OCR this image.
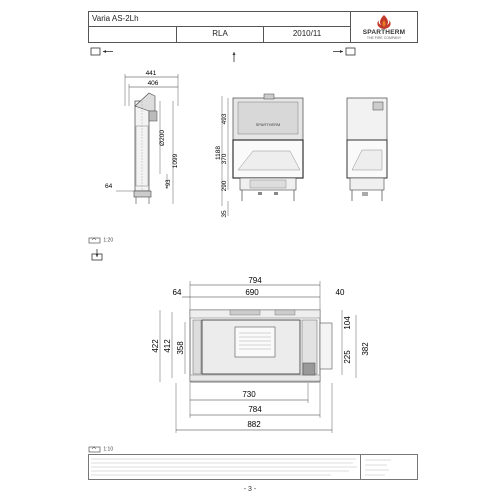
Varia AS-2Lh
RLA	2010/11	SPARTHERM
THE FIRE COMPANY
441
406
Ø200
1099
*93
64
SPARTHERM
1188
493
370
290
35
1:20
794
64	690	40
422 412 358
104
225
382
730
784
882
1:10
- 3 -
